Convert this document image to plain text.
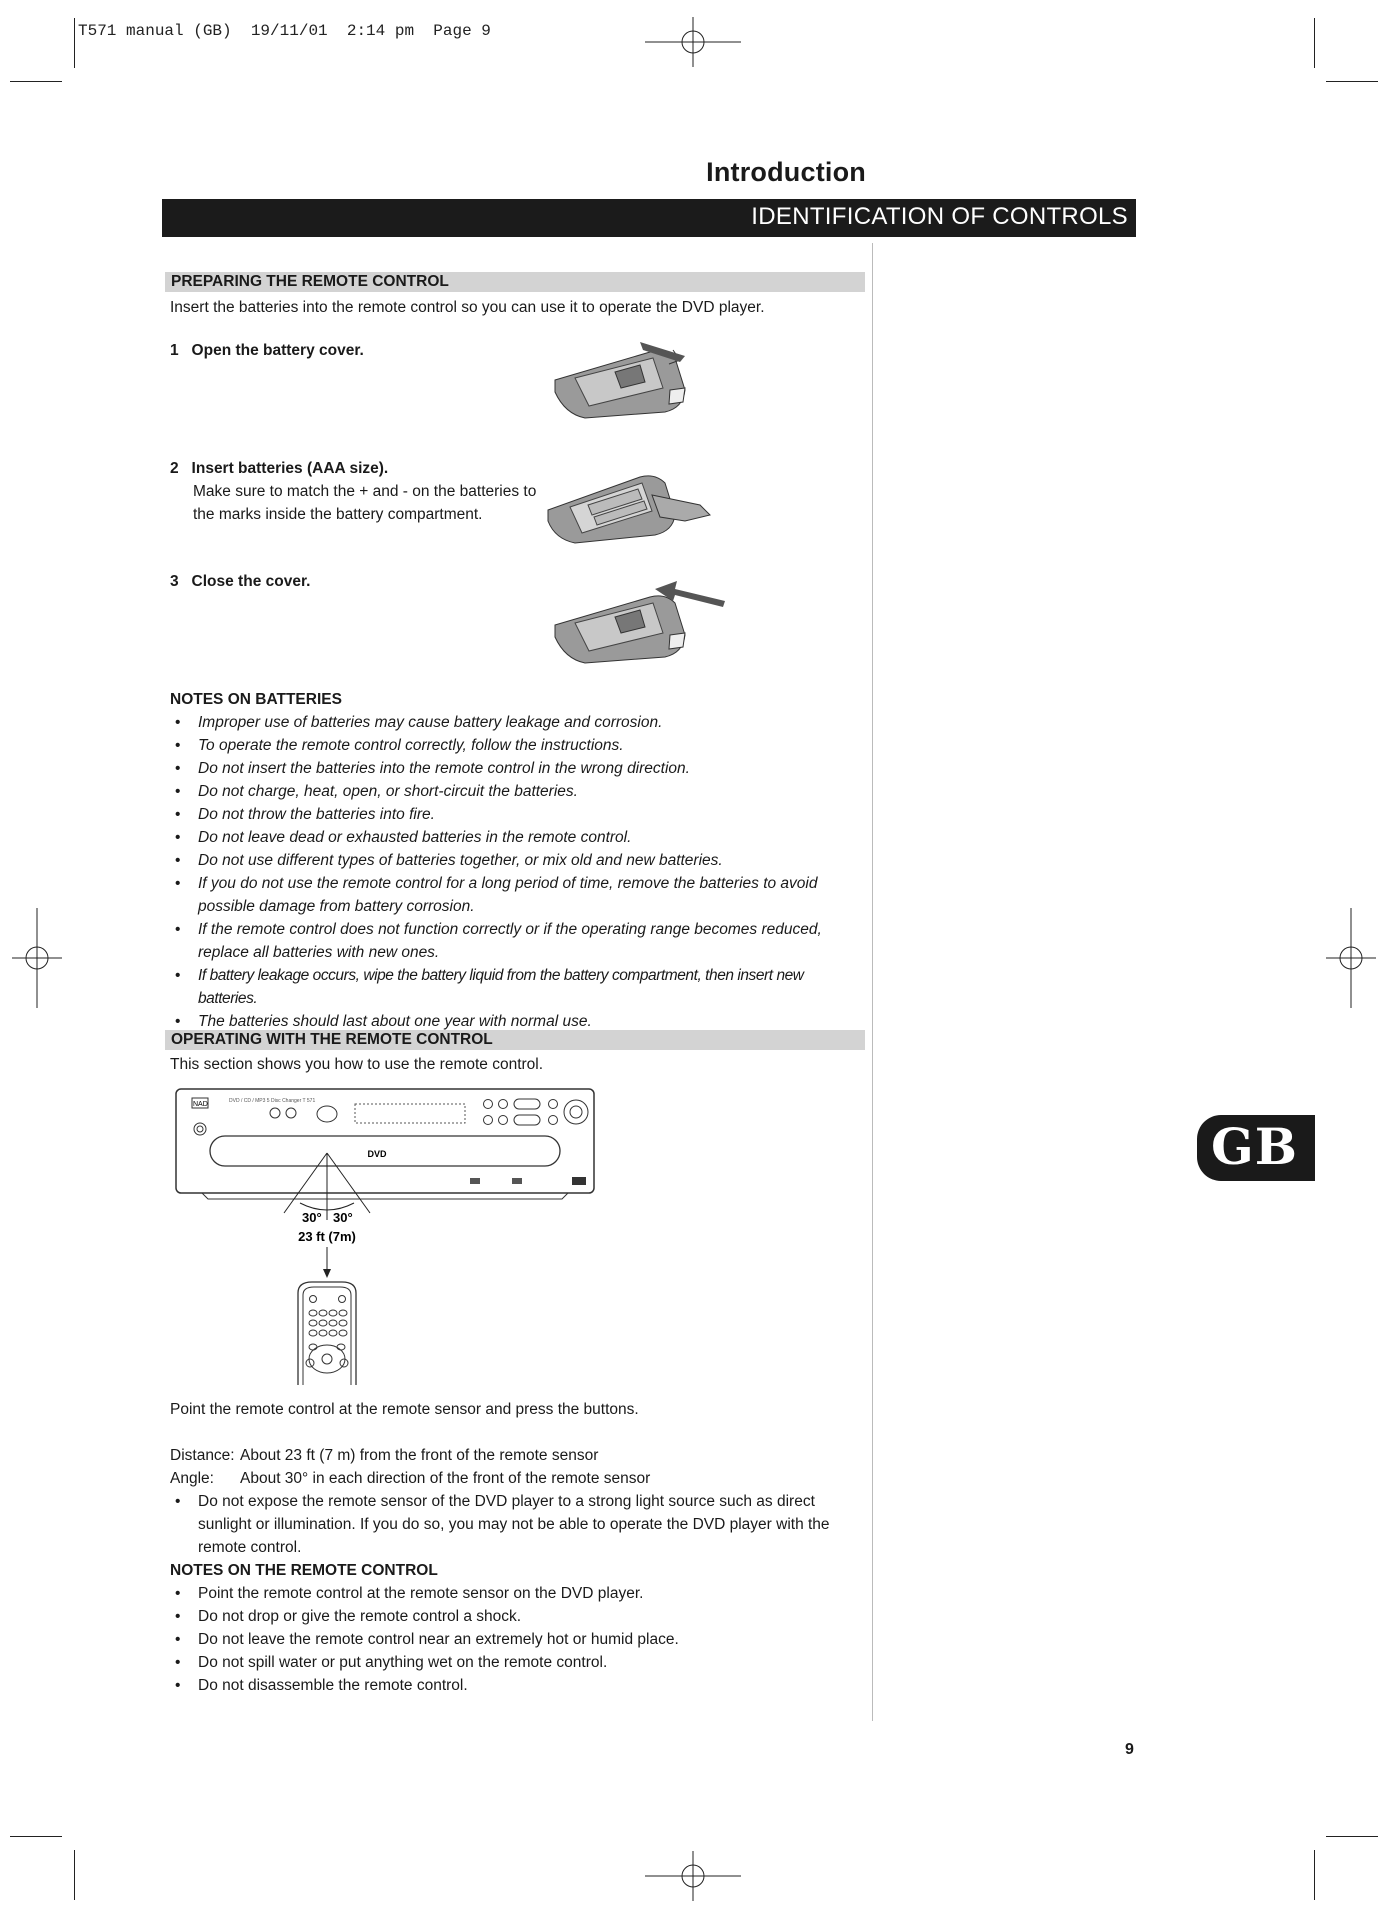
T571 manual (GB)  19/11/01  2:14 pm  Page 9
Introduction
IDENTIFICATION OF CONTROLS
PREPARING THE REMOTE CONTROL
Insert the batteries into the remote control so you can use it to operate the DVD player.
1 Open the battery cover.
2 Insert batteries (AAA size).
Make sure to match the + and - on the batteries to
the marks inside the battery compartment.
3 Close the cover.
NOTES ON BATTERIES
• Improper use of batteries may cause battery leakage and corrosion.
• To operate the remote control correctly, follow the instructions.
• Do not insert the batteries into the remote control in the wrong direction.
• Do not charge, heat, open, or short-circuit the batteries.
• Do not throw the batteries into fire.
• Do not leave dead or exhausted batteries in the remote control.
• Do not use different types of batteries together, or mix old and new batteries.
• If you do not use the remote control for a long period of time, remove the batteries to avoid possible damage from battery corrosion.
• If the remote control does not function correctly or if the operating range becomes reduced, replace all batteries with new ones.
• If battery leakage occurs, wipe the battery liquid from the battery compartment, then insert new batteries.
• The batteries should last about one year with normal use.
OPERATING WITH THE REMOTE CONTROL
This section shows you how to use the remote control.
NAD	DVD / CD / MP3 5 Disc Changer T 571
DVD
30° 30°
23 ft (7m)
Point the remote control at the remote sensor and press the buttons.
Distance: About 23 ft (7 m) from the front of the remote sensor
Angle: About 30° in each direction of the front of the remote sensor
• Do not expose the remote sensor of the DVD player to a strong light source such as direct sunlight or illumination. If you do so, you may not be able to operate the DVD player with the remote control.
NOTES ON THE REMOTE CONTROL
• Point the remote control at the remote sensor on the DVD player.
• Do not drop or give the remote control a shock.
• Do not leave the remote control near an extremely hot or humid place.
• Do not spill water or put anything wet on the remote control.
• Do not disassemble the remote control.
GB
9
